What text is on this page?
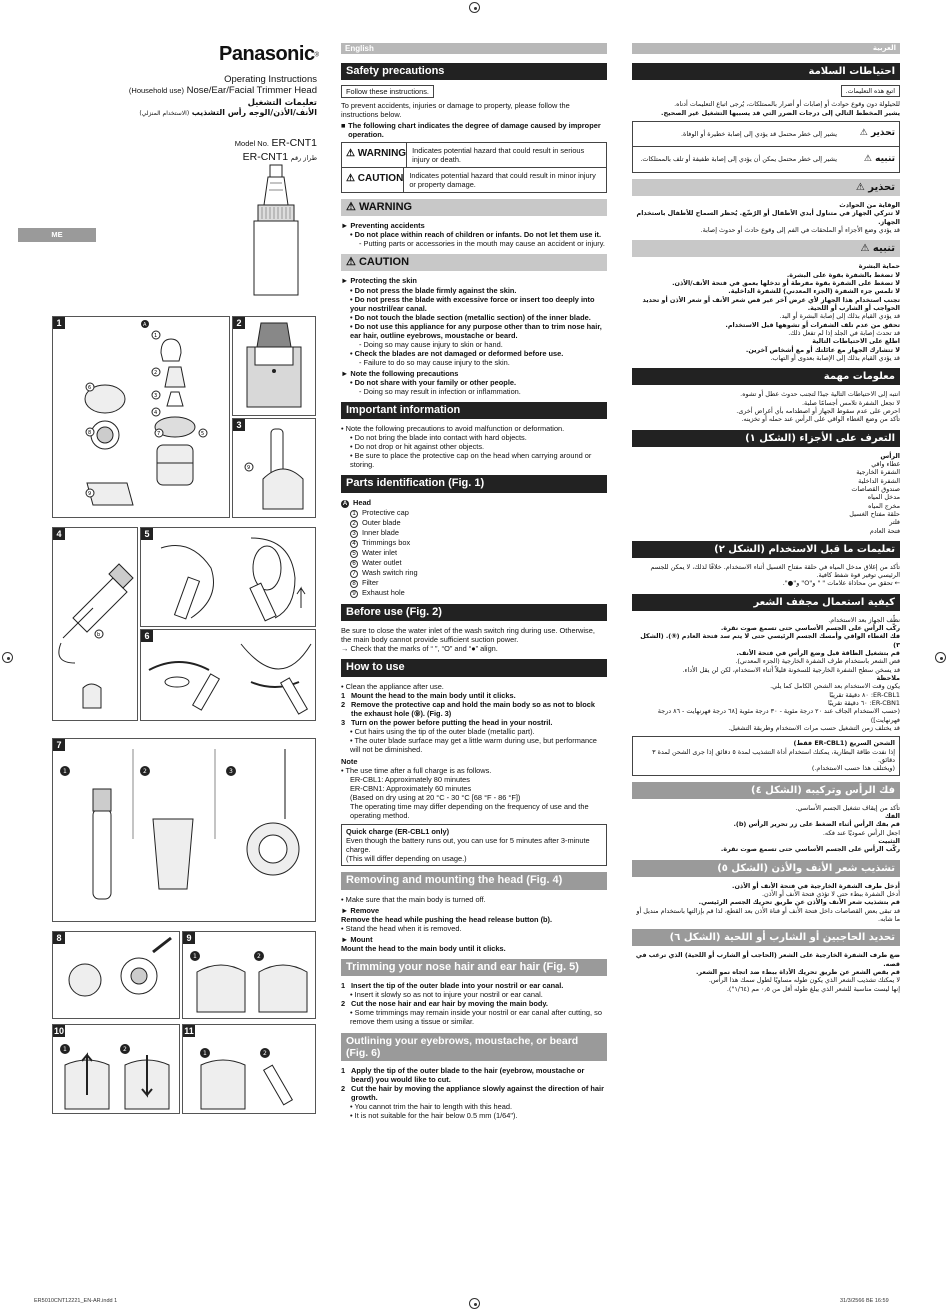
Panasonic®
Operating Instructions
(Household use) Nose/Ear/Facial Trimmer Head
تعليمات التشغيل
(الاستخدام المنزلي) الأنف/الأذن/الوجه رأس التشذيب
Model No. ER-CNT1
ER-CNT1 طراز رقم
ME
1	A
1
2
3
4
5
7
6
8
9
2
3
9
4
b
5
6
7
1	2	3
8	9
1	2
10
1	2
11
1	2
English
Safety precautions
Follow these instructions.
To prevent accidents, injuries or damage to property, please follow the instructions below.
■ The following chart indicates the degree of damage caused by improper operation.
⚠
WARNING Indicates potential hazard that could result in serious injury or death.
⚠
CAUTION Indicates potential hazard that could result in minor injury or property damage.
⚠ WARNING
► Preventing accidents
• Do not place within reach of children or infants. Do not let them use it.
- Putting parts or accessories in the mouth may cause an accident or injury.
⚠ CAUTION
► Protecting the skin
• Do not press the blade firmly against the skin.
• Do not press the blade with excessive force or insert too deeply into your nostril/ear canal.
• Do not touch the blade section (metallic section) of the inner blade.
• Do not use this appliance for any purpose other than to trim nose hair, ear hair, outline eyebrows, moustache or beard.
- Doing so may cause injury to skin or hand.
• Check the blades are not damaged or deformed before use.
- Failure to do so may cause injury to the skin.
► Note the following precautions
• Do not share with your family or other people.
- Doing so may result in infection or inflammation.
Important information
• Note the following precautions to avoid malfunction or deformation.
• Do not bring the blade into contact with hard objects.
• Do not drop or hit against other objects.
• Be sure to place the protective cap on the head when carrying around or storing.
Parts identification (Fig. 1)
A Head
1 Protective cap
2 Outer blade
3 Inner blade
4 Trimmings box
5 Water inlet
6 Water outlet
7 Wash switch ring
8 Filter
9 Exhaust hole
Before use (Fig. 2)
Be sure to close the water inlet of the wash switch ring during use. Otherwise, the main body cannot provide sufficient suction power.
→ Check that the marks of “ ”, “O” and “●” align.
How to use
• Clean the appliance after use.
1 Mount the head to the main body until it clicks.
2 Remove the protective cap and hold the main body so as not to block the exhaust hole (⑨). (Fig. 3)
3 Turn on the power before putting the head in your nostril.
• Cut hairs using the tip of the outer blade (metallic part).
• The outer blade surface may get a little warm during use, but performance will not be diminished.
Note
• The use time after a full charge is as follows.
ER-CBL1: Approximately 80 minutes
ER-CBN1: Approximately 60 minutes
(Based on dry using at 20 °C - 30 °C [68 °F - 86 °F])
The operating time may differ depending on the frequency of use and the operating method.
Quick charge (ER-CBL1 only)
Even though the battery runs out, you can use for 5 minutes after 3-minute charge.
(This will differ depending on usage.)
Removing and mounting the head (Fig. 4)
• Make sure that the main body is turned off.
► Remove
Remove the head while pushing the head release button (b).
• Stand the head when it is removed.
► Mount
Mount the head to the main body until it clicks.
Trimming your nose hair and ear hair (Fig. 5)
1 Insert the tip of the outer blade into your nostril or ear canal.
• Insert it slowly so as not to injure your nostril or ear canal.
2 Cut the nose hair and ear hair by moving the main body.
• Some trimmings may remain inside your nostril or ear canal after cutting, so remove them using a tissue or similar.
Outlining your eyebrows, moustache, or beard (Fig. 6)
1 Apply the tip of the outer blade to the hair (eyebrow, moustache or beard) you would like to cut.
2 Cut the hair by moving the appliance slowly against the direction of hair growth.
• You cannot trim the hair to length with this head.
• It is not suitable for the hair below 0.5 mm (1/64").
العربية
احتياطات السلامة
اتبع هذه التعليمات.
للحيلولة دون وقوع حوادث أو إصابات أو أضرار بالممتلكات، يُرجى اتباع التعليمات أدناه.
يشير المخطط التالي إلى درجات الضرر التي قد يسببها التشغيل غير الصحيح.
تحذير ⚠
يشير إلى خطر محتمل قد يؤدي إلى إصابة خطيرة أو الوفاة.
تنبيه ⚠
يشير إلى خطر محتمل يمكن أن يؤدي إلى إصابة طفيفة أو تلف بالممتلكات.
تحذير ⚠
الوقاية من الحوادث
لا تتركي الجهاز في متناول أيدي الأطفال أو الرُضّع. يُحظر السماح للأطفال باستخدام الجهاز.
قد يؤدي وضع الأجزاء أو الملحقات في الفم إلى وقوع حادث أو حدوث إصابة.
تنبيه ⚠
حماية البشرة
لا تضغط بالشفرة بقوة على البشرة.
لا تضغط على الشفرة بقوة مفرطة أو تدخلها بعمق في فتحة الأنف/الأذن.
لا تلمس جزء الشفرة (الجزء المعدني) للشفرة الداخلية.
تجنب استخدام هذا الجهاز لأي غرض آخر غير قص شعر الأنف أو شعر الأذن أو تحديد الحواجب أو الشارب أو اللحية.
قد يؤدي القيام بذلك إلى إصابة البشرة أو اليد.
تحقق من عدم تلف الشفرات أو تشوهها قبل الاستخدام.
قد تحدث إصابة في الجلد إذا لم تفعل ذلك.
اطلع على الاحتياطات التالية
لا تتشارك الجهاز مع عائلتك أو مع أشخاص آخرين.
قد يؤدي القيام بذلك إلى الإصابة بعدوى أو التهاب.
معلومات مهمة
انتبه إلى الاحتياطات التالية جيدًا لتجنب حدوث عطل أو تشوه.
لا تجعل الشفرة تلامس أجسامًا صلبة.
احرص على عدم سقوط الجهاز أو اصطدامه بأي أغراض أخرى.
تأكد من وضع الغطاء الواقي على الرأس عند حمله أو تخزينه.
التعرف على الأجزاء (الشكل ١)
الرأس
غطاء واقي
الشفرة الخارجية
الشفرة الداخلية
صندوق القصاصات
مدخل المياه
مخرج المياه
حلقة مفتاح الغسيل
فلتر
فتحة العادم
تعليمات ما قبل الاستخدام (الشكل ٢)
تأكد من إغلاق مدخل المياه في حلقة مفتاح الغسيل أثناء الاستخدام. خلافًا لذلك، لا يمكن للجسم الرئيسي توفير قوة شفط كافية.
← تحقق من محاذاة علامات " " و"O" و"●".
كيفية استعمال مجفف الشعر
نظّف الجهاز بعد الاستخدام.
ركّب الرأس على الجسم الأساسي حتى تسمع صوت نقرة.
فك الغطاء الواقي وأمسك الجسم الرئيسي حتى لا يتم سد فتحة العادم (⑨). (الشكل ٣)
قم بتشغيل الطاقة قبل وضع الرأس في فتحة الأنف.
قص الشعر باستخدام طرف الشفرة الخارجية (الجزء المعدني).
قد يسخن سطح الشفرة الخارجية للسخونة قليلاً أثناء الاستخدام، لكن لن يقل الأداء.
ملاحظة
يكون وقت الاستخدام بعد الشحن الكامل كما يلي.
ER-CBL1: ٨٠ دقيقة تقريبًا
ER-CBN1: ٦٠ دقيقة تقريبًا
(حسب الاستخدام الجاف عند ٢٠ درجة مئوية - ٣٠ درجة مئوية [٦٨ درجة فهرنهايت - ٨٦ درجة فهرنهايت])
قد يختلف زمن التشغيل حسب مرات الاستخدام وطريقة التشغيل.
الشحن السريع (ER-CBL1 فقط)
إذا نفدت طاقة البطارية، يمكنك استخدام أداة التشذيب لمدة ٥ دقائق إذا جرى الشحن لمدة ٣ دقائق.
(ويختلف هذا حسب الاستخدام.)
فك الرأس وتركيبه (الشكل ٤)
تأكد من إيقاف تشغيل الجسم الأساسي.
الفك
قم بفك الرأس أثناء الضغط على زر تحرير الرأس (b).
اجعل الرأس عموديًا عند فكه.
التثبيت
ركّب الرأس على الجسم الأساسي حتى تسمع صوت نقرة.
تشذيب شعر الأنف والأذن (الشكل ٥)
أدخل طرف الشفرة الخارجية في فتحة الأنف أو الأذن.
أدخل الشفرة ببطء حتى لا تؤذي فتحة الأنف أو الأذن.
قم بتشذيب شعر الأنف والأذن عن طريق تحريك الجسم الرئيسي.
قد تبقى بعض القصاصات داخل فتحة الأنف أو قناة الأذن بعد القطع، لذا قم بإزالتها باستخدام منديل أو ما شابه.
تحديد الحاجبين أو الشارب أو اللحية (الشكل ٦)
ضع طرف الشفرة الخارجية على الشعر (الحاجب أو الشارب أو اللحية) الذي ترغب في قصه.
قم بقص الشعر عن طريق تحريك الأداة ببطء ضد اتجاه نمو الشعر.
لا يمكنك تشذيب الشعر الذي يكون طوله مساويًا لطول سمك هذا الرأس.
إنها ليست مناسبة للشعر الذي يبلغ طوله أقل من ٠٫٥ مم (١/٦٤").
ER5010CNT12221_EN-AR.indd 1	31/3/2566 BE 16:59
